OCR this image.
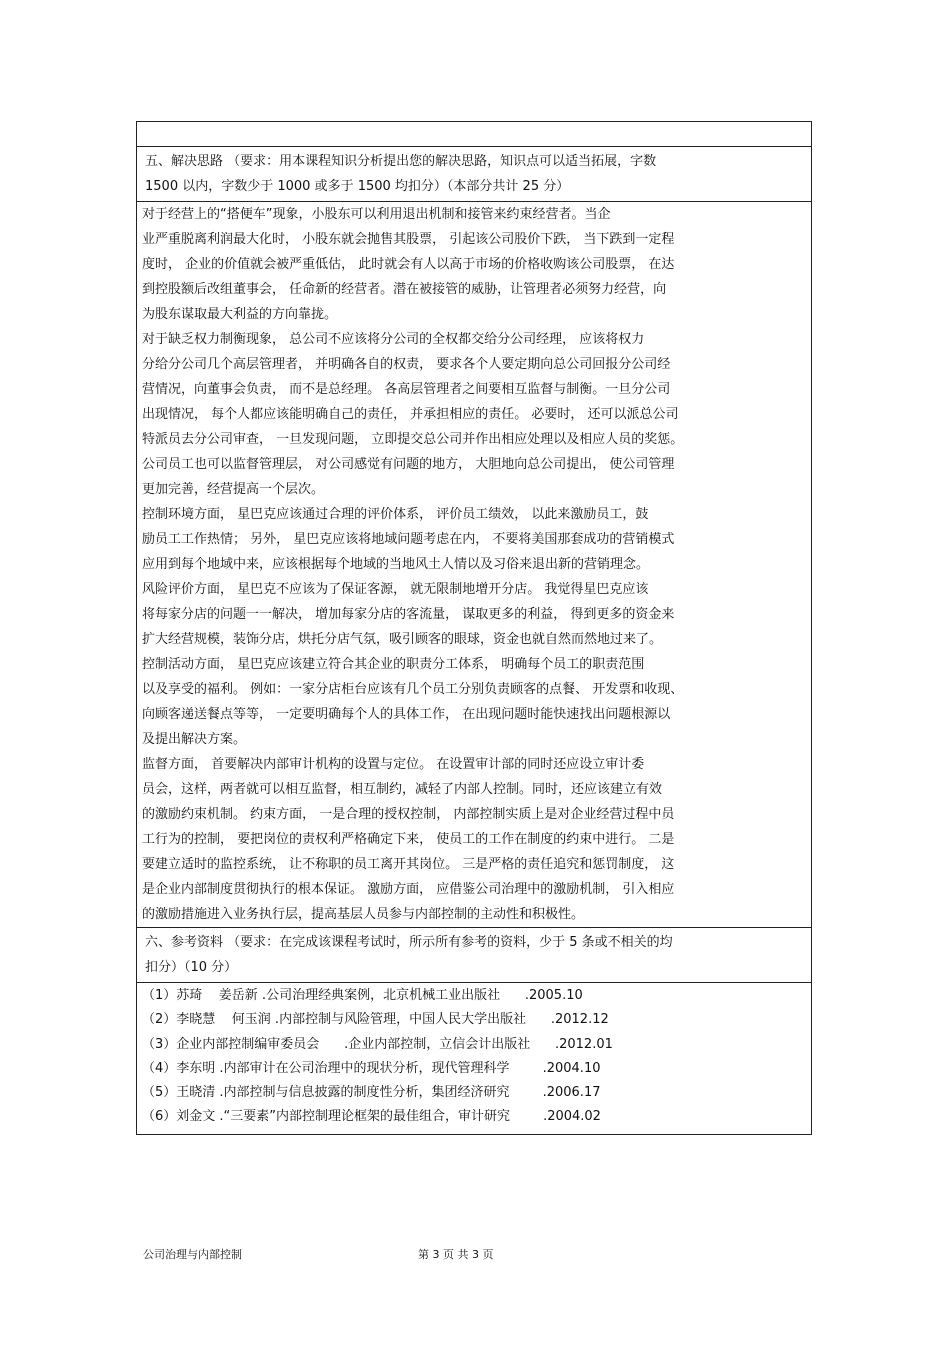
五、解决思路 （要求：用本课程知识分析提出您的解决思路，知识点可以适当拓展，字数
1500 以内，字数少于 1000 或多于 1500 均扣分）（本部分共计 25 分）

对于经营上的“搭便车”现象，小股东可以利用退出机制和接管来约束经营者。当企
业严重脱离利润最大化时， 小股东就会抛售其股票， 引起该公司股价下跌， 当下跌到一定程
度时， 企业的价值就会被严重低估， 此时就会有人以高于市场的价格收购该公司股票， 在达
到控股额后改组董事会， 任命新的经营者。潜在被接管的威胁，让管理者必须努力经营，向
为股东谋取最大利益的方向靠拢。

对于缺乏权力制衡现象， 总公司不应该将分公司的全权都交给分公司经理， 应该将权力
分给分公司几个高层管理者， 并明确各自的权责， 要求各个人要定期向总公司回报分公司经
营情况，向董事会负责， 而不是总经理。 各高层管理者之间要相互监督与制衡。一旦分公司
出现情况， 每个人都应该能明确自己的责任， 并承担相应的责任。 必要时， 还可以派总公司
特派员去分公司审查， 一旦发现问题， 立即提交总公司并作出相应处理以及相应人员的奖惩。
公司员工也可以监督管理层， 对公司感觉有问题的地方， 大胆地向总公司提出， 使公司管理
更加完善，经营提高一个层次。

控制环境方面， 星巴克应该通过合理的评价体系， 评价员工绩效， 以此来激励员工，鼓
励员工工作热情； 另外， 星巴克应该将地域问题考虑在内， 不要将美国那套成功的营销模式
应用到每个地域中来，应该根据每个地域的当地风土人情以及习俗来退出新的营销理念。

风险评价方面， 星巴克不应该为了保证客源， 就无限制地增开分店。 我觉得星巴克应该
将每家分店的问题一一解决， 增加每家分店的客流量， 谋取更多的利益， 得到更多的资金来
扩大经营规模，装饰分店，烘托分店气氛，吸引顾客的眼球，资金也就自然而然地过来了。

控制活动方面， 星巴克应该建立符合其企业的职责分工体系， 明确每个员工的职责范围
以及享受的福利。 例如：一家分店柜台应该有几个员工分别负责顾客的点餐、 开发票和收现、
向顾客递送餐点等等， 一定要明确每个人的具体工作， 在出现问题时能快速找出问题根源以
及提出解决方案。

监督方面， 首要解决内部审计机构的设置与定位。 在设置审计部的同时还应设立审计委
员会，这样，两者就可以相互监督，相互制约，减轻了内部人控制。同时，还应该建立有效
的激励约束机制。 约束方面， 一是合理的授权控制， 内部控制实质上是对企业经营过程中员
工行为的控制， 要把岗位的责权利严格确定下来， 使员工的工作在制度的约束中进行。 二是
要建立适时的监控系统， 让不称职的员工离开其岗位。 三是严格的责任追究和惩罚制度， 这
是企业内部制度贯彻执行的根本保证。 激励方面， 应借鉴公司治理中的激励机制， 引入相应
的激励措施进入业务执行层，提高基层人员参与内部控制的主动性和积极性。

六、参考资料 （要求：在完成该课程考试时，所示所有参考的资料，少于 5 条或不相关的均
扣分）（10 分）

（1）苏琦    姜岳新 .公司治理经典案例，北京机械工业出版社      .2005.10

（2）李晓慧    何玉润 .内部控制与风险管理，中国人民大学出版社      .2012.12

（3）企业内部控制编审委员会      .企业内部控制，立信会计出版社      .2012.01

（4）李东明 .内部审计在公司治理中的现状分析，现代管理科学        .2004.10

（5）王晓清 .内部控制与信息披露的制度性分析，集团经济研究        .2006.17

（6）刘金文 .“三要素”内部控制理论框架的最佳组合，审计研究        .2004.02

公司治理与内部控制	第 3 页 共 3 页
